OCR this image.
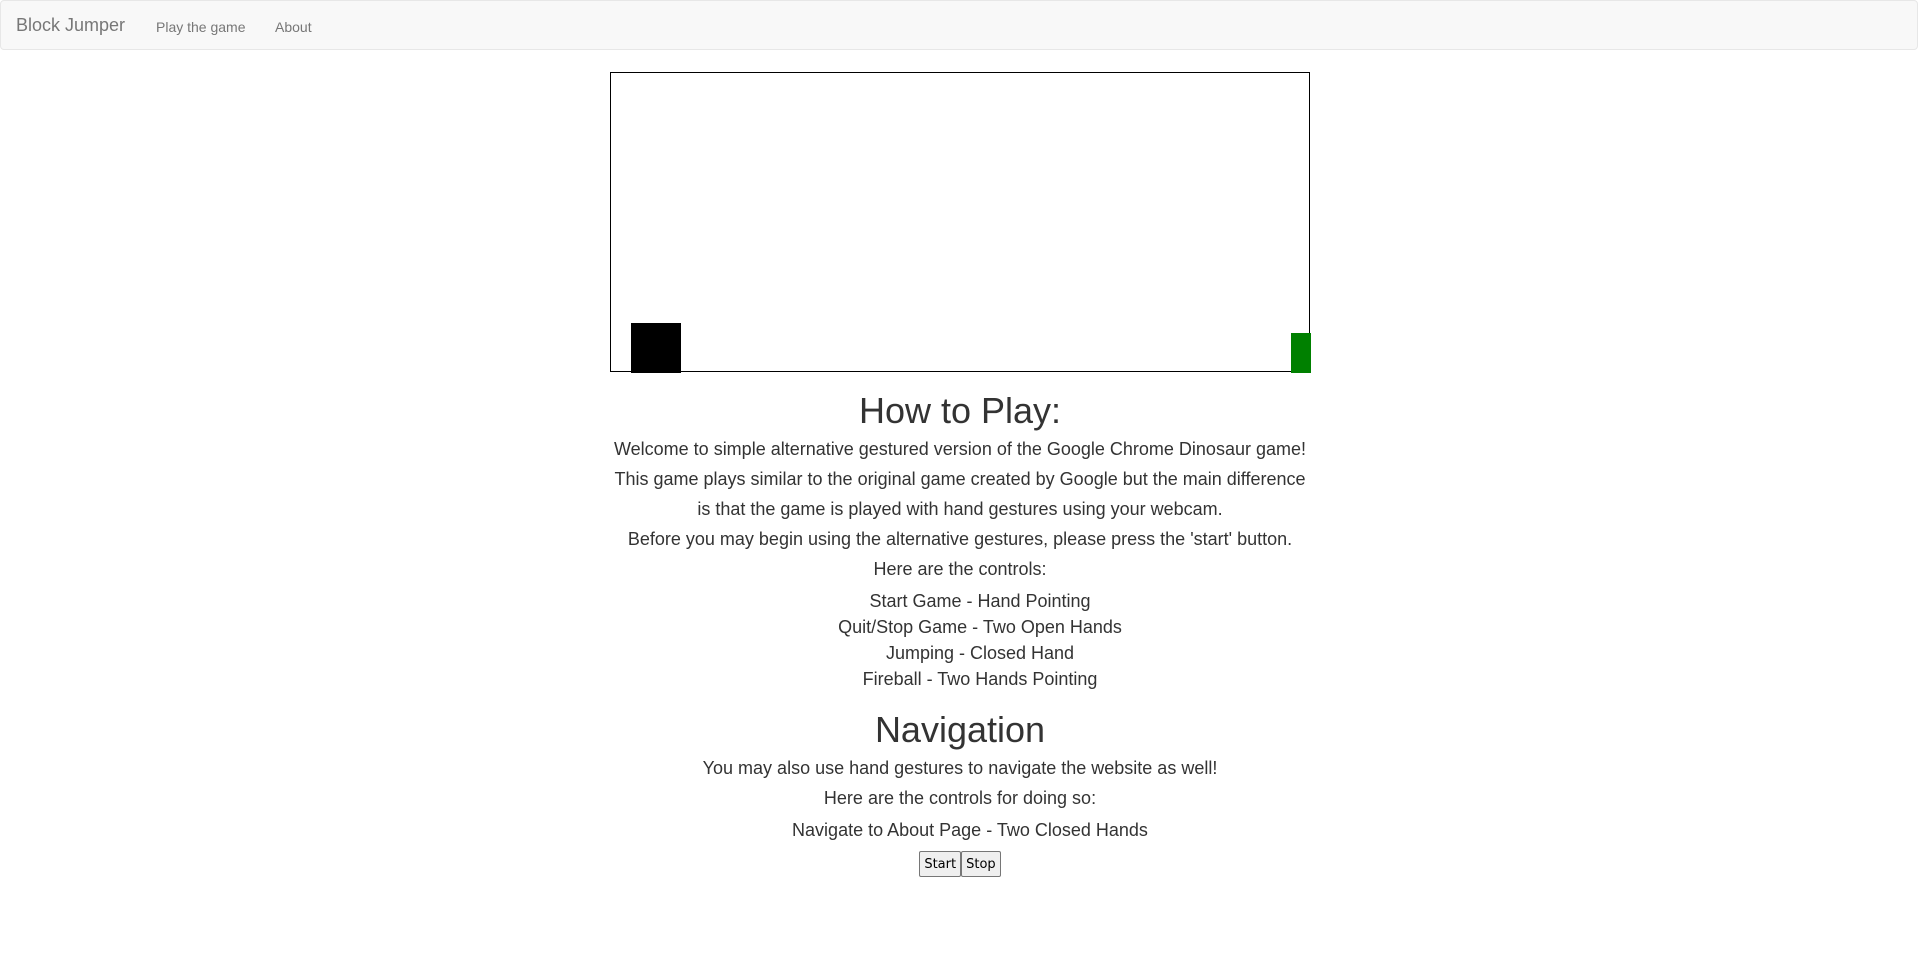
Block Jumper Play the game About
How to Play:

Welcome to simple alternative gestured version of the Google Chrome Dinosaur game!

This game plays similar to the original game created by Google but the main difference

is that the game is played with hand gestures using your webcam.

Before you may begin using the alternative gestures, please press the 'start' button.

Here are the controls:

Start Game - Hand Pointing
Quit/Stop Game - Two Open Hands
Jumping - Closed Hand
Fireball - Two Hands Pointing
Navigation

You may also use hand gestures to navigate the website as well!

Here are the controls for doing so:

Navigate to About Page - Two Closed Hands
Start Stop
